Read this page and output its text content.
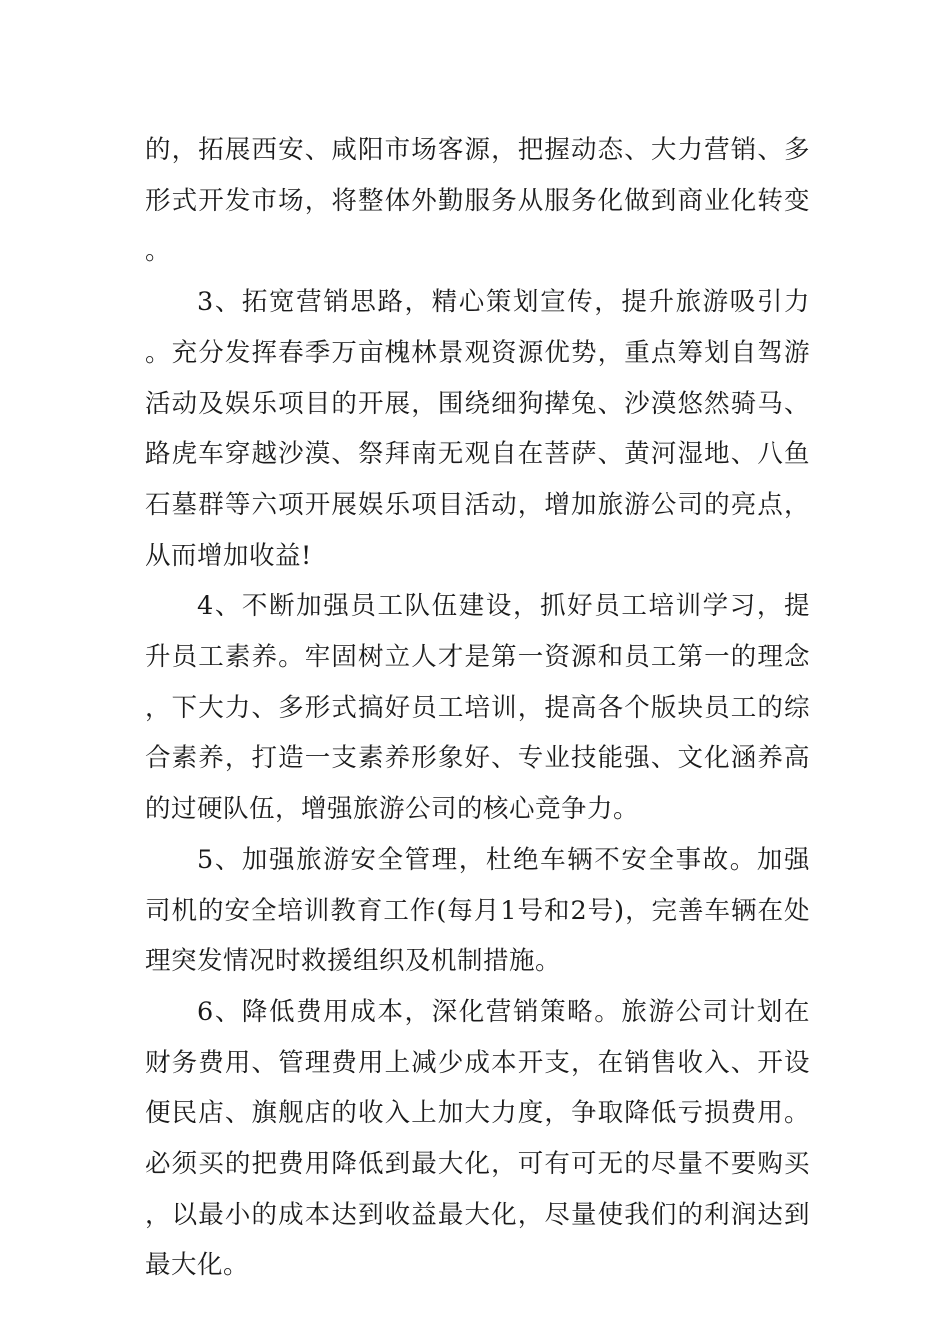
的，拓展西安、咸阳市场客源，把握动态、大力营销、多形式开发市场，将整体外勤服务从服务化做到商业化转变。

3、拓宽营销思路，精心策划宣传，提升旅游吸引力。充分发挥春季万亩槐林景观资源优势，重点筹划自驾游活动及娱乐项目的开展，围绕细狗撵兔、沙漠悠然骑马、路虎车穿越沙漠、祭拜南无观自在菩萨、黄河湿地、八鱼石墓群等六项开展娱乐项目活动，增加旅游公司的亮点，从而增加收益!

4、不断加强员工队伍建设，抓好员工培训学习，提升员工素养。牢固树立人才是第一资源和员工第一的理念，下大力、多形式搞好员工培训，提高各个版块员工的综合素养，打造一支素养形象好、专业技能强、文化涵养高的过硬队伍，增强旅游公司的核心竞争力。

5、加强旅游安全管理，杜绝车辆不安全事故。加强司机的安全培训教育工作(每月1号和2号)，完善车辆在处理突发情况时救援组织及机制措施。

6、降低费用成本，深化营销策略。旅游公司计划在财务费用、管理费用上减少成本开支，在销售收入、开设便民店、旗舰店的收入上加大力度，争取降低亏损费用。必须买的把费用降低到最大化，可有可无的尽量不要购买，以最小的成本达到收益最大化，尽量使我们的利润达到最大化。
